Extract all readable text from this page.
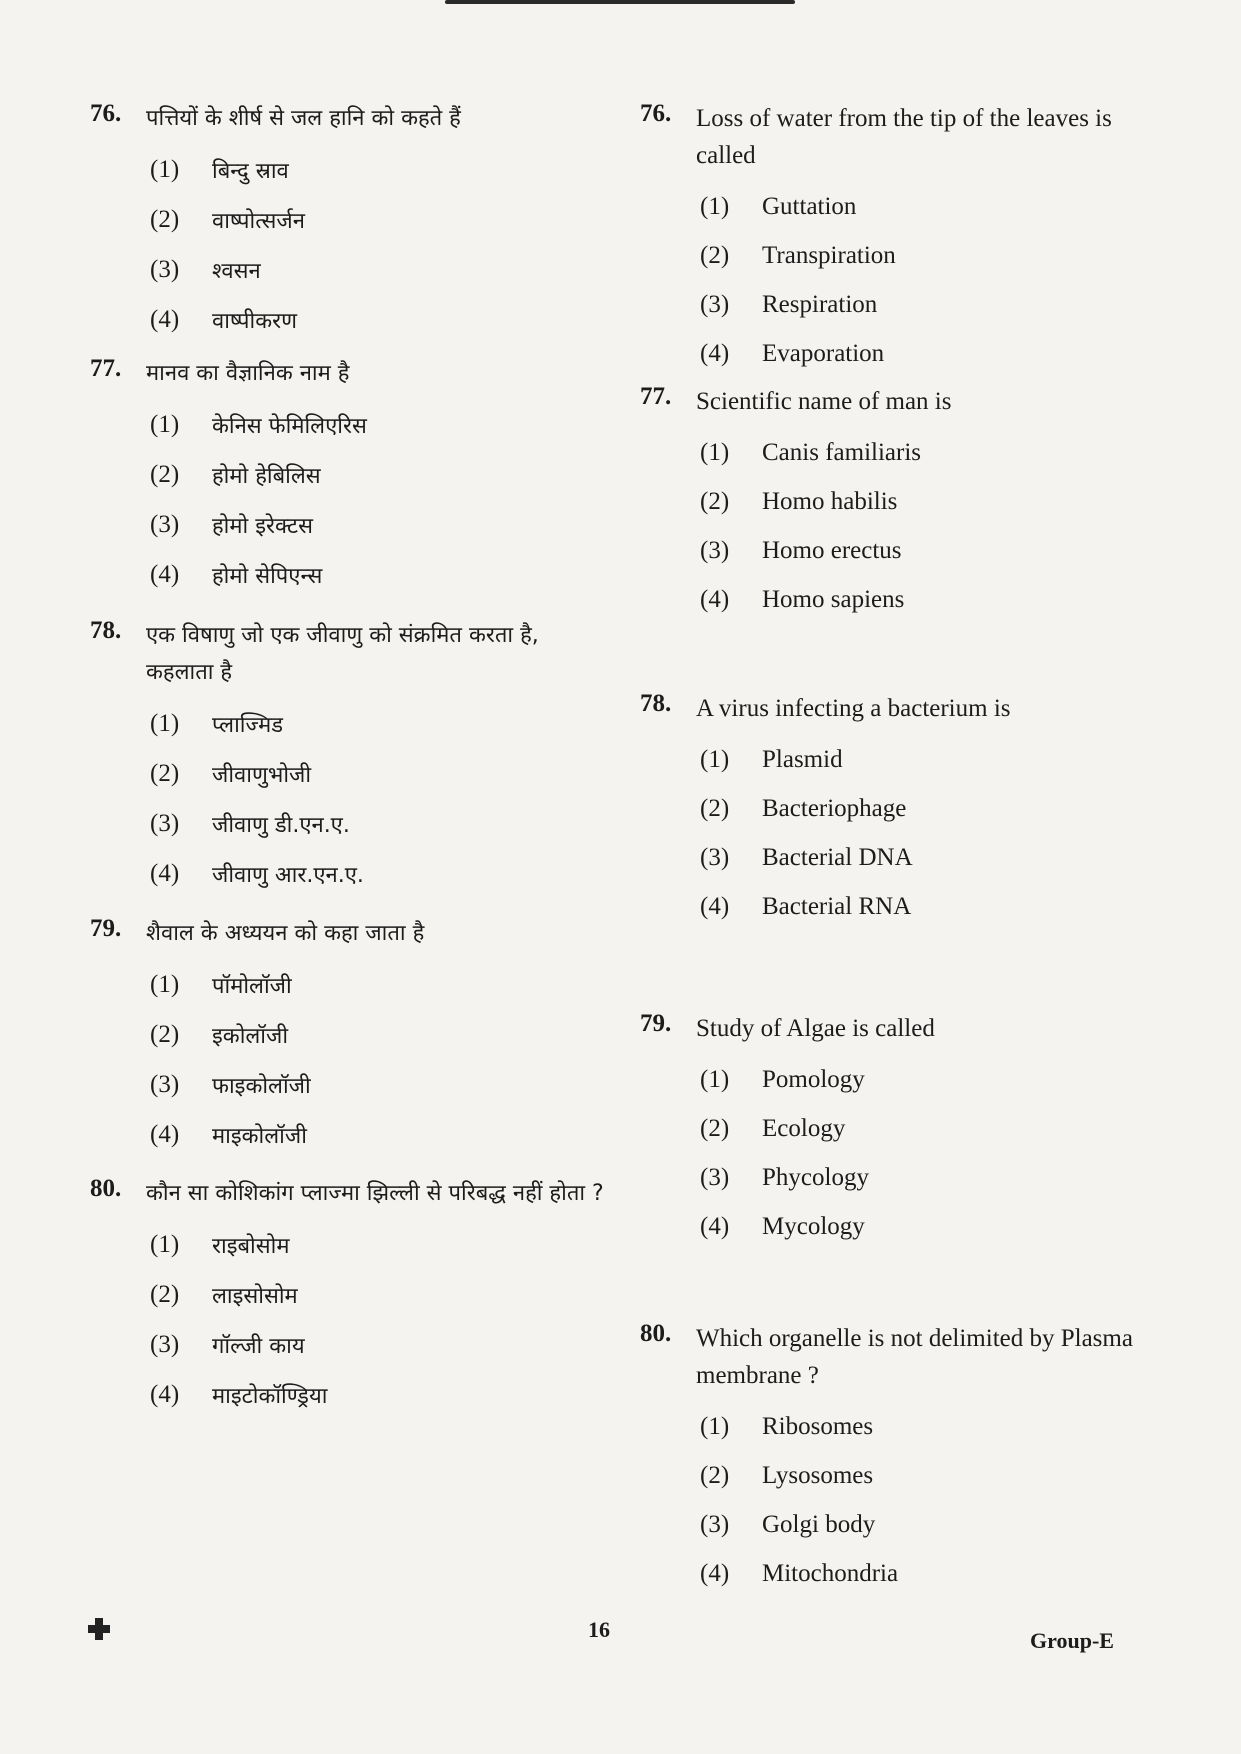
76.	पत्तियों के शीर्ष से जल हानि को कहते हैं
(1)	बिन्दु स्राव
(2)	वाष्पोत्सर्जन
(3)	श्वसन
(4)	वाष्पीकरण
77.	मानव का वैज्ञानिक नाम है
(1)	केनिस फेमिलिएरिस
(2)	होमो हेबिलिस
(3)	होमो इरेक्टस
(4)	होमो सेपिएन्स
78.	एक विषाणु जो एक जीवाणु को संक्रमित करता है, कहलाता है
(1)	प्लाज्मिड
(2)	जीवाणुभोजी
(3)	जीवाणु डी.एन.ए.
(4)	जीवाणु आर.एन.ए.
79.	शैवाल के अध्ययन को कहा जाता है
(1)	पॉमोलॉजी
(2)	इकोलॉजी
(3)	फाइकोलॉजी
(4)	माइकोलॉजी
80.	कौन सा कोशिकांग प्लाज्मा झिल्ली से परिबद्ध नहीं होता ?
(1)	राइबोसोम
(2)	लाइसोसोम
(3)	गॉल्जी काय
(4)	माइटोकॉण्ड्रिया
76. Loss of water from the tip of the leaves is called
(1)	Guttation
(2)	Transpiration
(3)	Respiration
(4)	Evaporation
77. Scientific name of man is
(1)	Canis familiaris
(2)	Homo habilis
(3)	Homo erectus
(4)	Homo sapiens
78. A virus infecting a bacterium is
(1)	Plasmid
(2)	Bacteriophage
(3)	Bacterial DNA
(4)	Bacterial RNA
79. Study of Algae is called
(1)	Pomology
(2)	Ecology
(3)	Phycology
(4)	Mycology
80. Which organelle is not delimited by Plasma membrane ?
(1)	Ribosomes
(2)	Lysosomes
(3)	Golgi body
(4)	Mitochondria
16	Group-E
